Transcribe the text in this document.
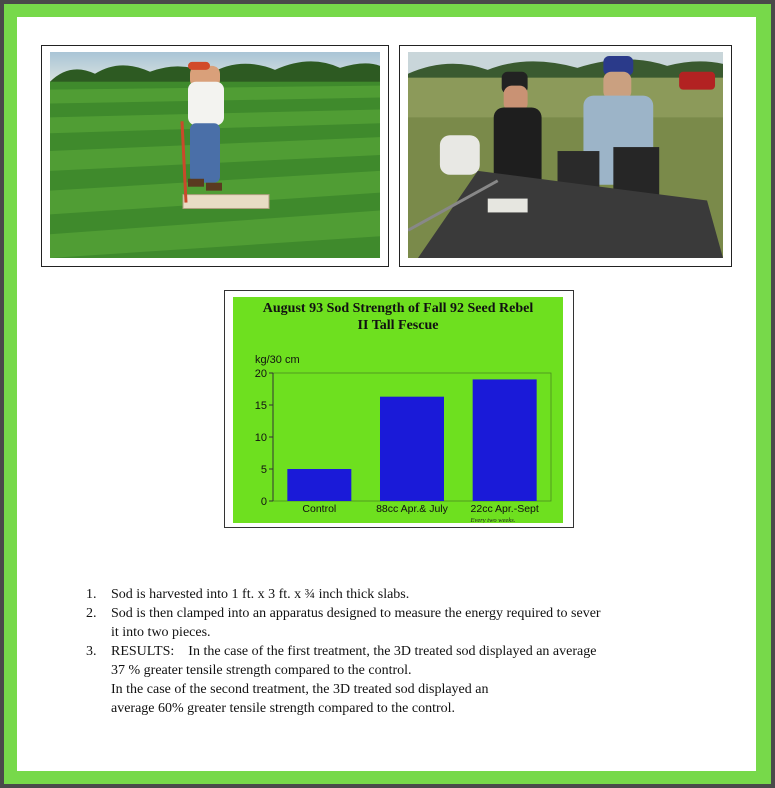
August 93 Sod Strength of Fall 92 Seed Rebel
II Tall Fescue
kg/30 cm
0
5
10
15
20
Control	88cc Apr.& July 22cc Apr.-Sept
Every two weeks.
1. Sod is harvested into 1 ft. x 3 ft. x ¾ inch thick slabs.
2. Sod is then clamped into an apparatus designed to measure the energy required to sever
it into two pieces.
3. RESULTS:    In the case of the first treatment, the 3D treated sod displayed an average
37 % greater tensile strength compared to the control.
In the case of the second treatment, the 3D treated sod displayed an
average 60% greater tensile strength compared to the control.
